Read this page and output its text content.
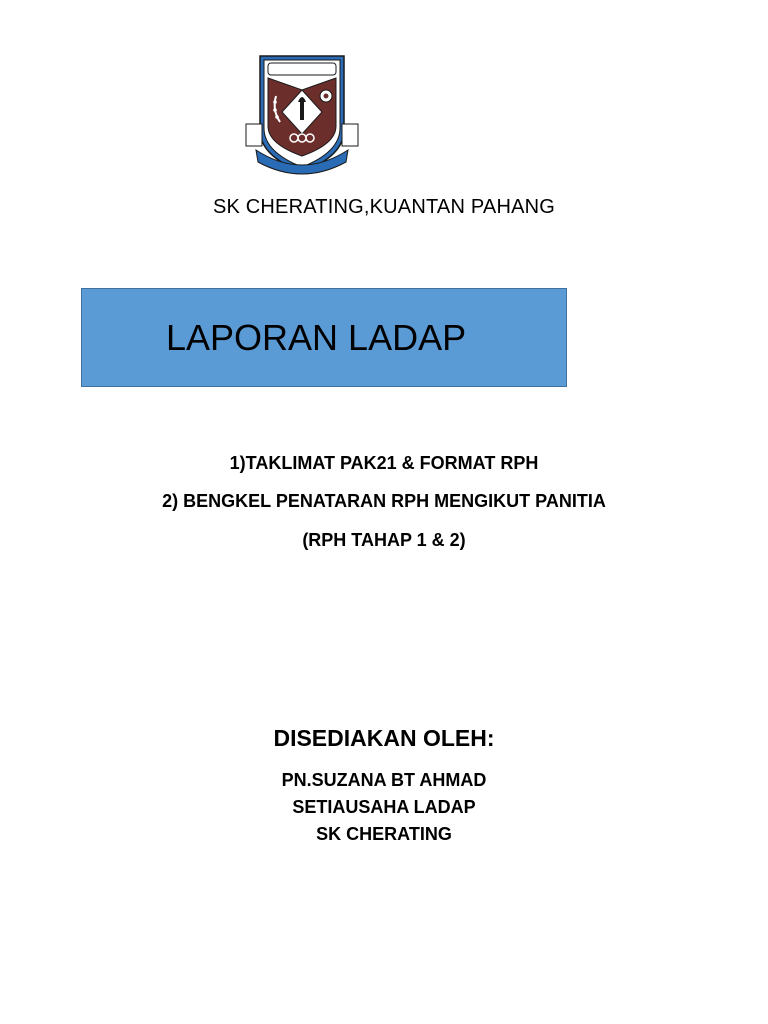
SK CHERATING,KUANTAN PAHANG
LAPORAN LADAP
1)TAKLIMAT PAK21 & FORMAT RPH
2) BENGKEL PENATARAN RPH MENGIKUT PANITIA
(RPH TAHAP 1 & 2)
DISEDIAKAN OLEH:
PN.SUZANA BT AHMAD
SETIAUSAHA LADAP
SK CHERATING
